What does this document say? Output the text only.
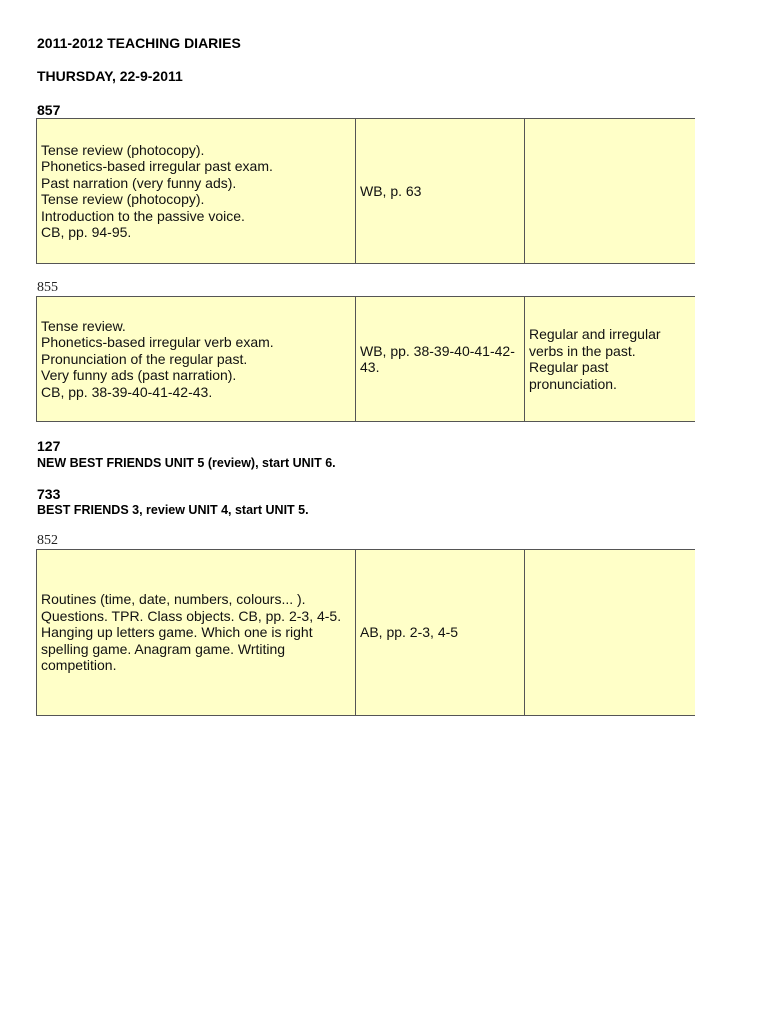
2011-2012 TEACHING DIARIES
THURSDAY, 22-9-2011
857
Tense review (photocopy).
Phonetics-based irregular past exam.
Past narration (very funny ads).
Tense review (photocopy).
Introduction to the passive voice.
CB, pp. 94-95.	WB, p. 63	
855
Tense review.
Phonetics-based irregular verb exam.
Pronunciation of the regular past.
Very funny ads (past narration).
CB, pp. 38-39-40-41-42-43.	WB, pp. 38-39-40-41-42-43.	Regular and irregular verbs in the past.
Regular past pronunciation.
127
NEW BEST FRIENDS UNIT 5 (review), start UNIT 6.
733
BEST FRIENDS 3, review UNIT 4, start UNIT 5.
852
Routines (time, date, numbers, colours... ). Questions. TPR. Class objects. CB, pp. 2-3, 4-5. Hanging up letters game. Which one is right spelling game. Anagram game. Wrtiting competition.	AB, pp. 2-3, 4-5	
